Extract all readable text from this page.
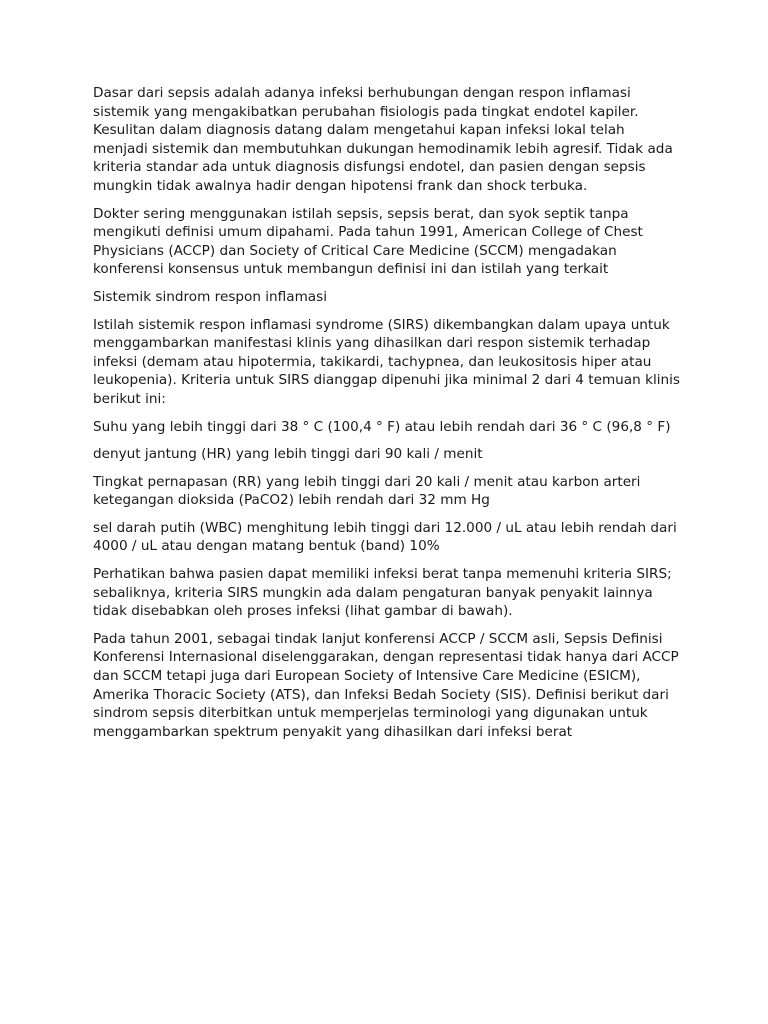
Dasar dari sepsis adalah adanya infeksi berhubungan dengan respon inflamasi sistemik yang mengakibatkan perubahan fisiologis pada tingkat endotel kapiler. Kesulitan dalam diagnosis datang dalam mengetahui kapan infeksi lokal telah menjadi sistemik dan membutuhkan dukungan hemodinamik lebih agresif. Tidak ada kriteria standar ada untuk diagnosis disfungsi endotel, dan pasien dengan sepsis mungkin tidak awalnya hadir dengan hipotensi frank dan shock terbuka.

Dokter sering menggunakan istilah sepsis, sepsis berat, dan syok septik tanpa mengikuti definisi umum dipahami. Pada tahun 1991, American College of Chest Physicians (ACCP) dan Society of Critical Care Medicine (SCCM) mengadakan konferensi konsensus untuk membangun definisi ini dan istilah yang terkait

Sistemik sindrom respon inflamasi

Istilah sistemik respon inflamasi syndrome (SIRS) dikembangkan dalam upaya untuk menggambarkan manifestasi klinis yang dihasilkan dari respon sistemik terhadap infeksi (demam atau hipotermia, takikardi, tachypnea, dan leukositosis hiper atau leukopenia). Kriteria untuk SIRS dianggap dipenuhi jika minimal 2 dari 4 temuan klinis berikut ini:

Suhu yang lebih tinggi dari 38 ° C (100,4 ° F) atau lebih rendah dari 36 ° C (96,8 ° F)

denyut jantung (HR) yang lebih tinggi dari 90 kali / menit

Tingkat pernapasan (RR) yang lebih tinggi dari 20 kali / menit atau karbon arteri ketegangan dioksida (PaCO2) lebih rendah dari 32 mm Hg

sel darah putih (WBC) menghitung lebih tinggi dari 12.000 / uL atau lebih rendah dari 4000 / uL atau dengan matang bentuk (band) 10%

Perhatikan bahwa pasien dapat memiliki infeksi berat tanpa memenuhi kriteria SIRS; sebaliknya, kriteria SIRS mungkin ada dalam pengaturan banyak penyakit lainnya tidak disebabkan oleh proses infeksi (lihat gambar di bawah).

Pada tahun 2001, sebagai tindak lanjut konferensi ACCP / SCCM asli, Sepsis Definisi Konferensi Internasional diselenggarakan, dengan representasi tidak hanya dari ACCP dan SCCM tetapi juga dari European Society of Intensive Care Medicine (ESICM), Amerika Thoracic Society (ATS), dan Infeksi Bedah Society (SIS). Definisi berikut dari sindrom sepsis diterbitkan untuk memperjelas terminologi yang digunakan untuk menggambarkan spektrum penyakit yang dihasilkan dari infeksi berat
